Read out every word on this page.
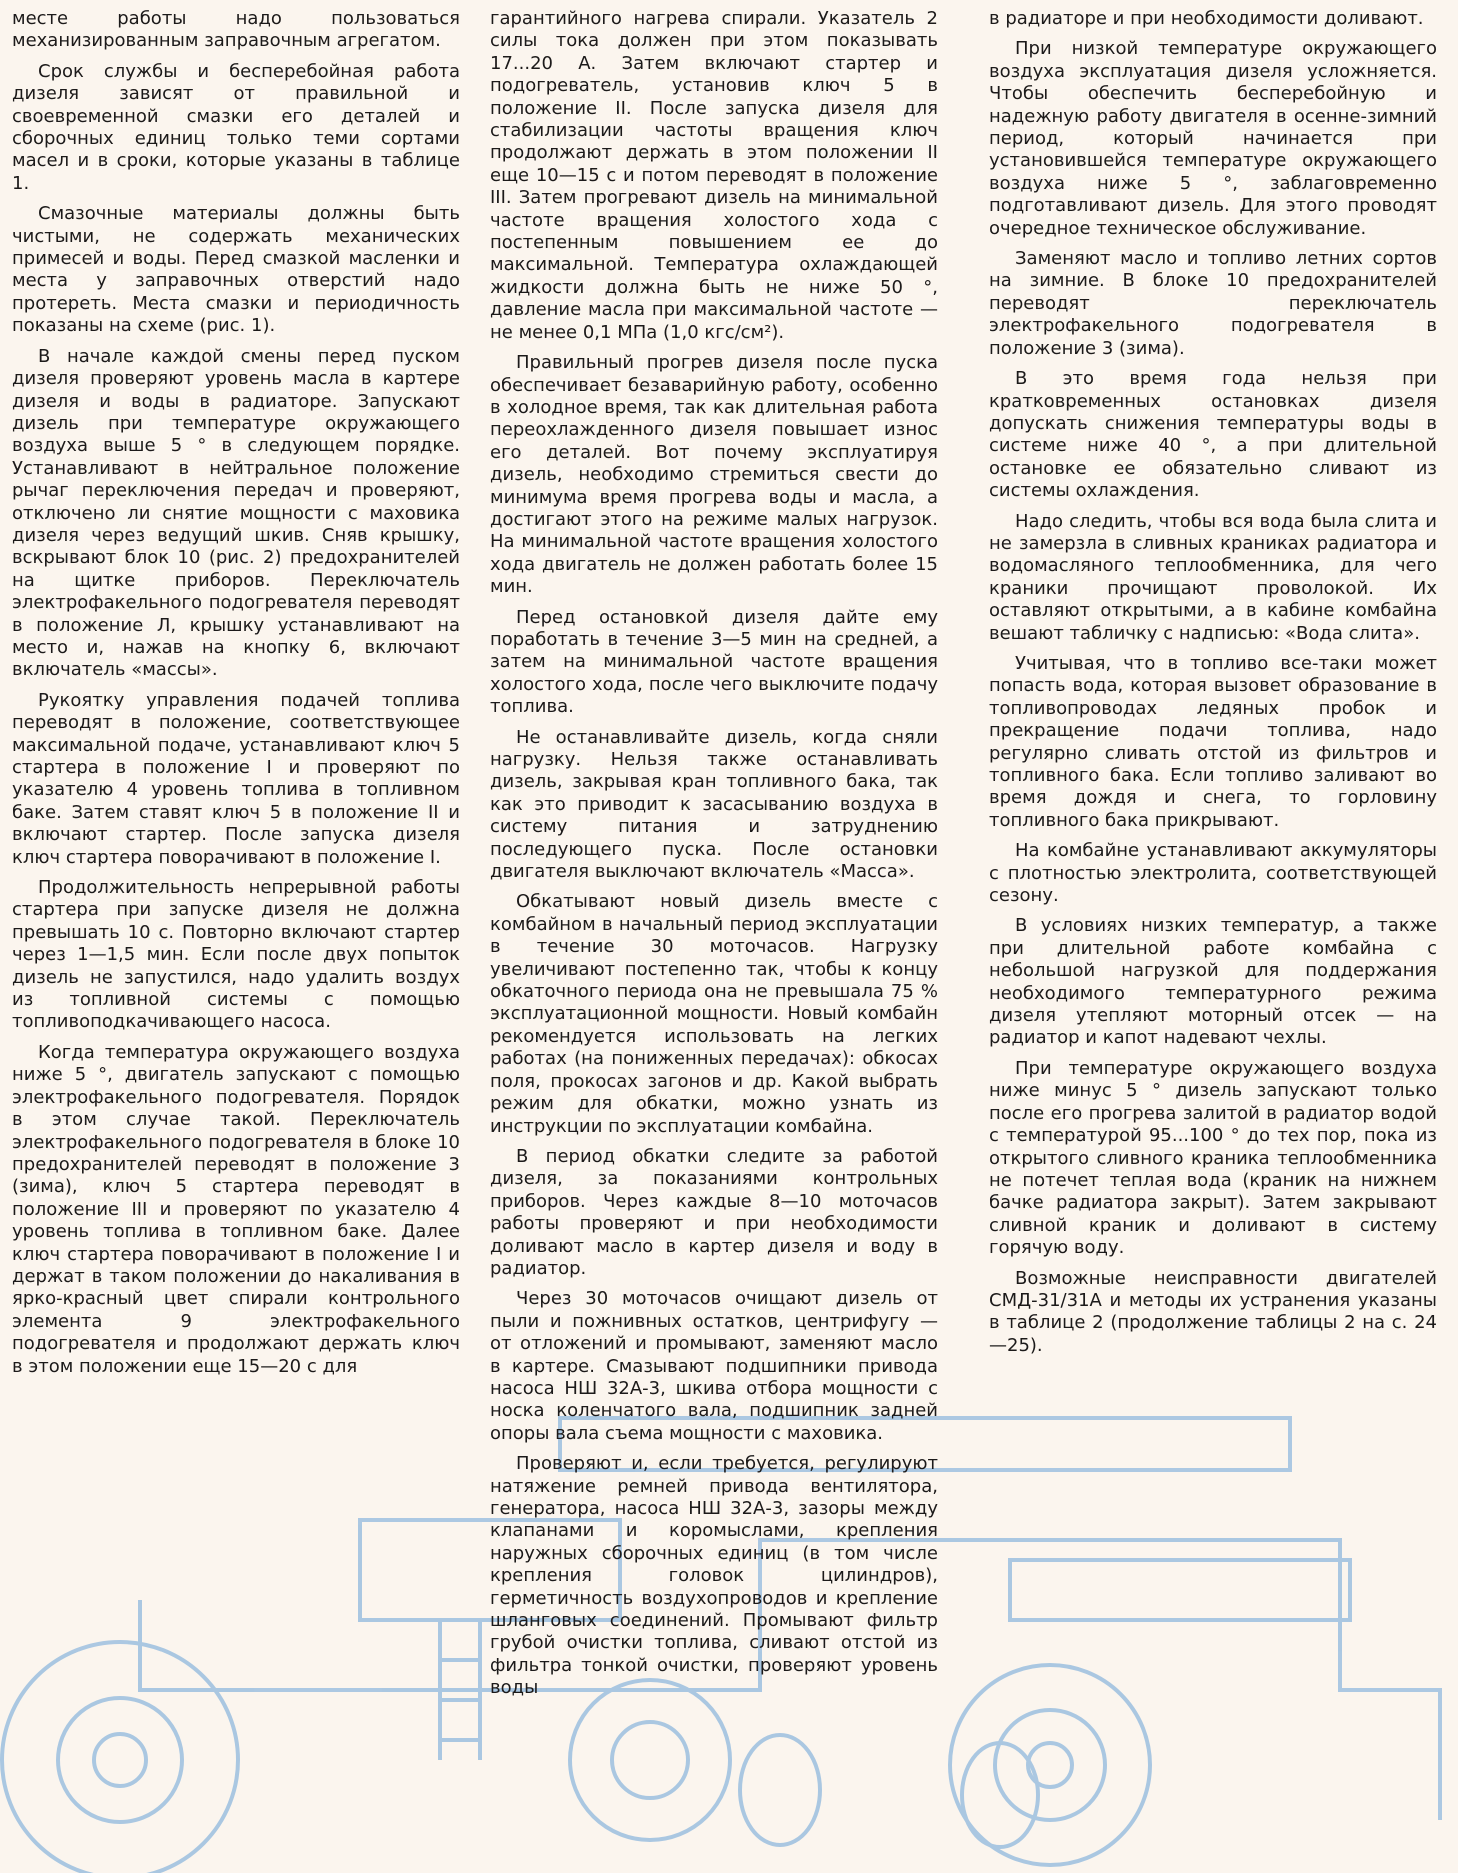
месте работы надо пользоваться механизированным заправочным агрегатом.

Срок службы и бесперебойная работа дизеля зависят от правильной и своевременной смазки его деталей и сборочных единиц только теми сортами масел и в сроки, которые указаны в таблице 1.

Смазочные материалы должны быть чистыми, не содержать механических примесей и воды. Перед смазкой масленки и места у заправочных отверстий надо протереть. Места смазки и периодичность показаны на схеме (рис. 1).

В начале каждой смены перед пуском дизеля проверяют уровень масла в картере дизеля и воды в радиаторе. Запускают дизель при температуре окружающего воздуха выше 5 ° в следующем порядке. Устанавливают в нейтральное положение рычаг переключения передач и проверяют, отключено ли снятие мощности с маховика дизеля через ведущий шкив. Сняв крышку, вскрывают блок 10 (рис. 2) предохранителей на щитке приборов. Переключатель электрофакельного подогревателя переводят в положение Л, крышку устанавливают на место и, нажав на кнопку 6, включают включатель «массы».

Рукоятку управления подачей топлива переводят в положение, соответствующее максимальной подаче, устанавливают ключ 5 стартера в положение I и проверяют по указателю 4 уровень топлива в топливном баке. Затем ставят ключ 5 в положение II и включают стартер. После запуска дизеля ключ стартера поворачивают в положение I.

Продолжительность непрерывной работы стартера при запуске дизеля не должна превышать 10 с. Повторно включают стартер через 1—1,5 мин. Если после двух попыток дизель не запустился, надо удалить воздух из топливной системы с помощью топливоподкачивающего насоса.

Когда температура окружающего воздуха ниже 5 °, двигатель запускают с помощью электрофакельного подогревателя. Порядок в этом случае такой. Переключатель электрофакельного подогревателя в блоке 10 предохранителей переводят в положение 3 (зима), ключ 5 стартера переводят в положение III и проверяют по указателю 4 уровень топлива в топливном баке. Далее ключ стартера поворачивают в положение I и держат в таком положении до накаливания в ярко-красный цвет спирали контрольного элемента 9 электрофакельного подогревателя и продолжают держать ключ в этом положении еще 15—20 с для

гарантийного нагрева спирали. Указатель 2 силы тока должен при этом показывать 17...20 А. Затем включают стартер и подогреватель, установив ключ 5 в положение II. После запуска дизеля для стабилизации частоты вращения ключ продолжают держать в этом положении II еще 10—15 с и потом переводят в положение III. Затем прогревают дизель на минимальной частоте вращения холостого хода с постепенным повышением ее до максимальной. Температура охлаждающей жидкости должна быть не ниже 50 °, давление масла при максимальной частоте — не менее 0,1 МПа (1,0 кгс/см²).

Правильный прогрев дизеля после пуска обеспечивает безаварийную работу, особенно в холодное время, так как длительная работа переохлажденного дизеля повышает износ его деталей. Вот почему эксплуатируя дизель, необходимо стремиться свести до минимума время прогрева воды и масла, а достигают этого на режиме малых нагрузок. На минимальной частоте вращения холостого хода двигатель не должен работать более 15 мин.

Перед остановкой дизеля дайте ему поработать в течение 3—5 мин на средней, а затем на минимальной частоте вращения холостого хода, после чего выключите подачу топлива.

Не останавливайте дизель, когда сняли нагрузку. Нельзя также останавливать дизель, закрывая кран топливного бака, так как это приводит к засасыванию воздуха в систему питания и затруднению последующего пуска. После остановки двигателя выключают включатель «Масса».

Обкатывают новый дизель вместе с комбайном в начальный период эксплуатации в течение 30 моточасов. Нагрузку увеличивают постепенно так, чтобы к концу обкаточного периода она не превышала 75 % эксплуатационной мощности. Новый комбайн рекомендуется использовать на легких работах (на пониженных передачах): обкосах поля, прокосах загонов и др. Какой выбрать режим для обкатки, можно узнать из инструкции по эксплуатации комбайна.

В период обкатки следите за работой дизеля, за показаниями контрольных приборов. Через каждые 8—10 моточасов работы проверяют и при необходимости доливают масло в картер дизеля и воду в радиатор.

Через 30 моточасов очищают дизель от пыли и пожнивных остатков, центрифугу — от отложений и промывают, заменяют масло в картере. Смазывают подшипники привода насоса НШ 32А-3, шкива отбора мощности с носка коленчатого вала, подшипник задней опоры вала съема мощности с маховика.

Проверяют и, если требуется, регулируют натяжение ремней привода вентилятора, генератора, насоса НШ 32А-3, зазоры между клапанами и коромыслами, крепления наружных сборочных единиц (в том числе крепления головок цилиндров), герметичность воздухопроводов и крепление шланговых соединений. Промывают фильтр грубой очистки топлива, сливают отстой из фильтра тонкой очистки, проверяют уровень воды

в радиаторе и при необходимости доливают.

При низкой температуре окружающего воздуха эксплуатация дизеля усложняется. Чтобы обеспечить бесперебойную и надежную работу двигателя в осенне-зимний период, который начинается при установившейся температуре окружающего воздуха ниже 5 °, заблаговременно подготавливают дизель. Для этого проводят очередное техническое обслуживание.

Заменяют масло и топливо летних сортов на зимние. В блоке 10 предохранителей переводят переключатель электрофакельного подогревателя в положение 3 (зима).

В это время года нельзя при кратковременных остановках дизеля допускать снижения температуры воды в системе ниже 40 °, а при длительной остановке ее обязательно сливают из системы охлаждения.

Надо следить, чтобы вся вода была слита и не замерзла в сливных краниках радиатора и водомасляного теплообменника, для чего краники прочищают проволокой. Их оставляют открытыми, а в кабине комбайна вешают табличку с надписью: «Вода слита».

Учитывая, что в топливо все-таки может попасть вода, которая вызовет образование в топливопроводах ледяных пробок и прекращение подачи топлива, надо регулярно сливать отстой из фильтров и топливного бака. Если топливо заливают во время дождя и снега, то горловину топливного бака прикрывают.

На комбайне устанавливают аккумуляторы с плотностью электролита, соответствующей сезону.

В условиях низких температур, а также при длительной работе комбайна с небольшой нагрузкой для поддержания необходимого температурного режима дизеля утепляют моторный отсек — на радиатор и капот надевают чехлы.

При температуре окружающего воздуха ниже минус 5 ° дизель запускают только после его прогрева залитой в радиатор водой с температурой 95...100 ° до тех пор, пока из открытого сливного краника теплообменника не потечет теплая вода (краник на нижнем бачке радиатора закрыт). Затем закрывают сливной краник и доливают в систему горячую воду.

Возможные неисправности двигателей СМД-31/31А и методы их устранения указаны в таблице 2 (продолжение таблицы 2 на с. 24—25).
